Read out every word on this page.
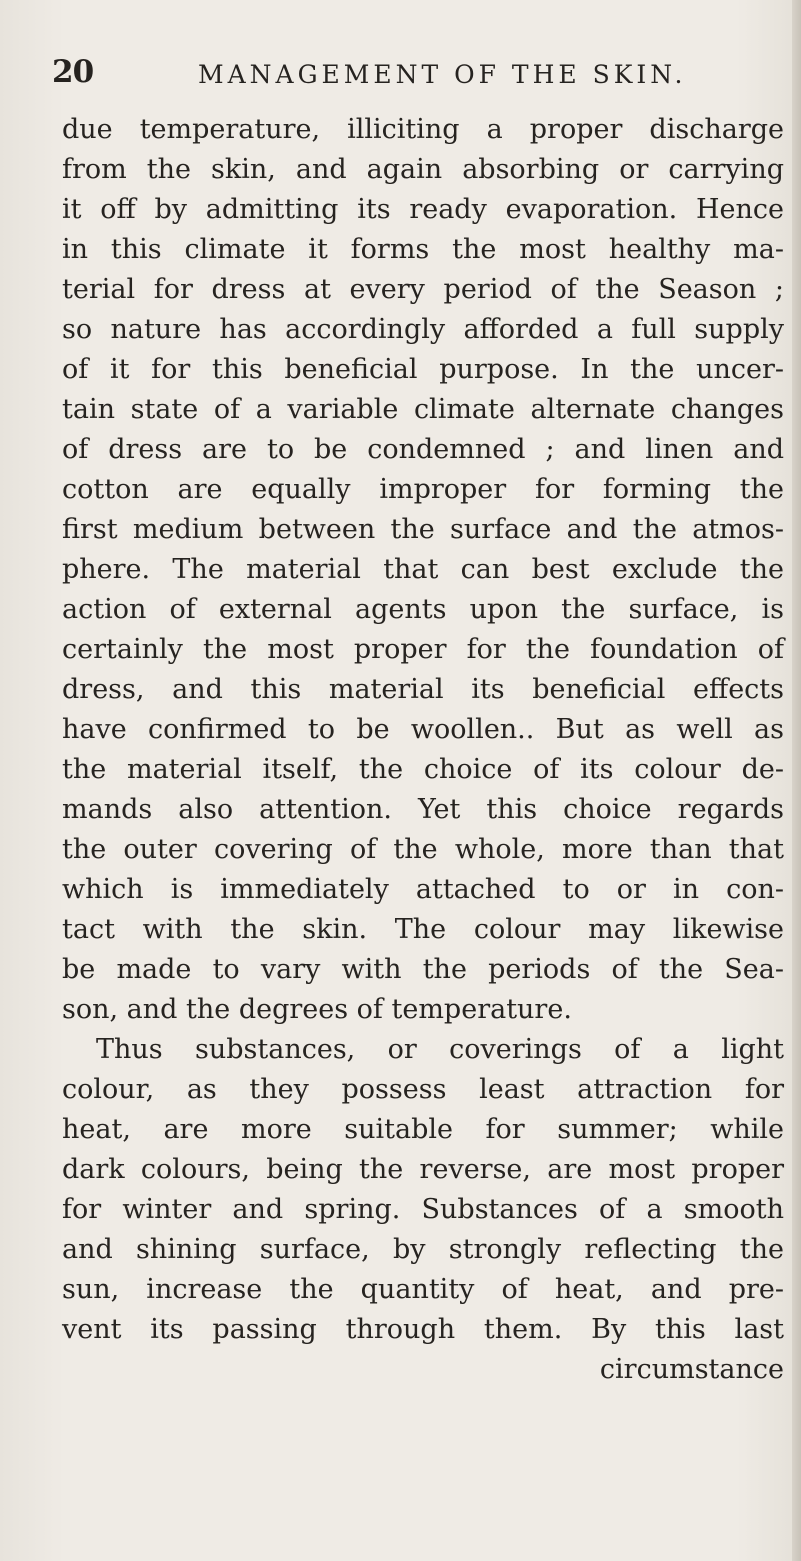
20	MANAGEMENT OF THE SKIN.
due temperature, illiciting a proper discharge
from the skin, and again absorbing or carrying
it off by admitting its ready evaporation. Hence
in this climate it forms the most healthy ma-
terial for dress at every period of the Season ;
so nature has accordingly afforded a full supply
of it for this beneficial purpose. In the uncer-
tain state of a variable climate alternate changes
of dress are to be condemned ; and linen and
cotton are equally improper for forming the
first medium between the surface and the atmos-
phere. The material that can best exclude the
action of external agents upon the surface, is
certainly the most proper for the foundation of
dress, and this material its beneficial effects
have confirmed to be woollen.. But as well as
the material itself, the choice of its colour de-
mands also attention. Yet this choice regards
the outer covering of the whole, more than that
which is immediately attached to or in con-
tact with the skin. The colour may likewise
be made to vary with the periods of the Sea-
son, and the degrees of temperature.
Thus substances, or coverings of a light
colour, as they possess least attraction for
heat, are more suitable for summer; while
dark colours, being the reverse, are most proper
for winter and spring. Substances of a smooth
and shining surface, by strongly reflecting the
sun, increase the quantity of heat, and pre-
vent its passing through them. By this last
circumstance
